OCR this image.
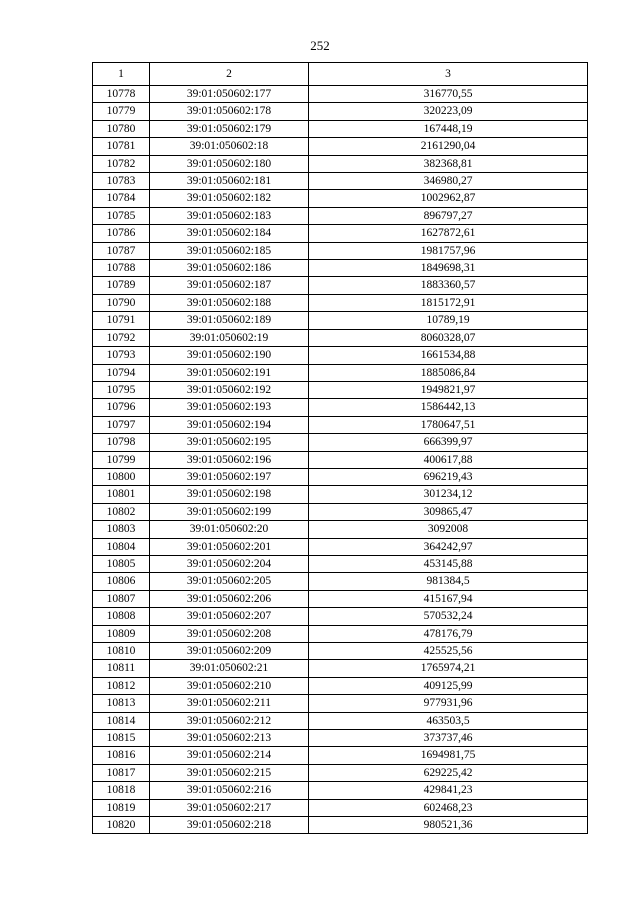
252
1	2	3
10778	39:01:050602:177	316770,55
10779	39:01:050602:178	320223,09
10780	39:01:050602:179	167448,19
10781	39:01:050602:18	2161290,04
10782	39:01:050602:180	382368,81
10783	39:01:050602:181	346980,27
10784	39:01:050602:182	1002962,87
10785	39:01:050602:183	896797,27
10786	39:01:050602:184	1627872,61
10787	39:01:050602:185	1981757,96
10788	39:01:050602:186	1849698,31
10789	39:01:050602:187	1883360,57
10790	39:01:050602:188	1815172,91
10791	39:01:050602:189	10789,19
10792	39:01:050602:19	8060328,07
10793	39:01:050602:190	1661534,88
10794	39:01:050602:191	1885086,84
10795	39:01:050602:192	1949821,97
10796	39:01:050602:193	1586442,13
10797	39:01:050602:194	1780647,51
10798	39:01:050602:195	666399,97
10799	39:01:050602:196	400617,88
10800	39:01:050602:197	696219,43
10801	39:01:050602:198	301234,12
10802	39:01:050602:199	309865,47
10803	39:01:050602:20	3092008
10804	39:01:050602:201	364242,97
10805	39:01:050602:204	453145,88
10806	39:01:050602:205	981384,5
10807	39:01:050602:206	415167,94
10808	39:01:050602:207	570532,24
10809	39:01:050602:208	478176,79
10810	39:01:050602:209	425525,56
10811	39:01:050602:21	1765974,21
10812	39:01:050602:210	409125,99
10813	39:01:050602:211	977931,96
10814	39:01:050602:212	463503,5
10815	39:01:050602:213	373737,46
10816	39:01:050602:214	1694981,75
10817	39:01:050602:215	629225,42
10818	39:01:050602:216	429841,23
10819	39:01:050602:217	602468,23
10820	39:01:050602:218	980521,36
